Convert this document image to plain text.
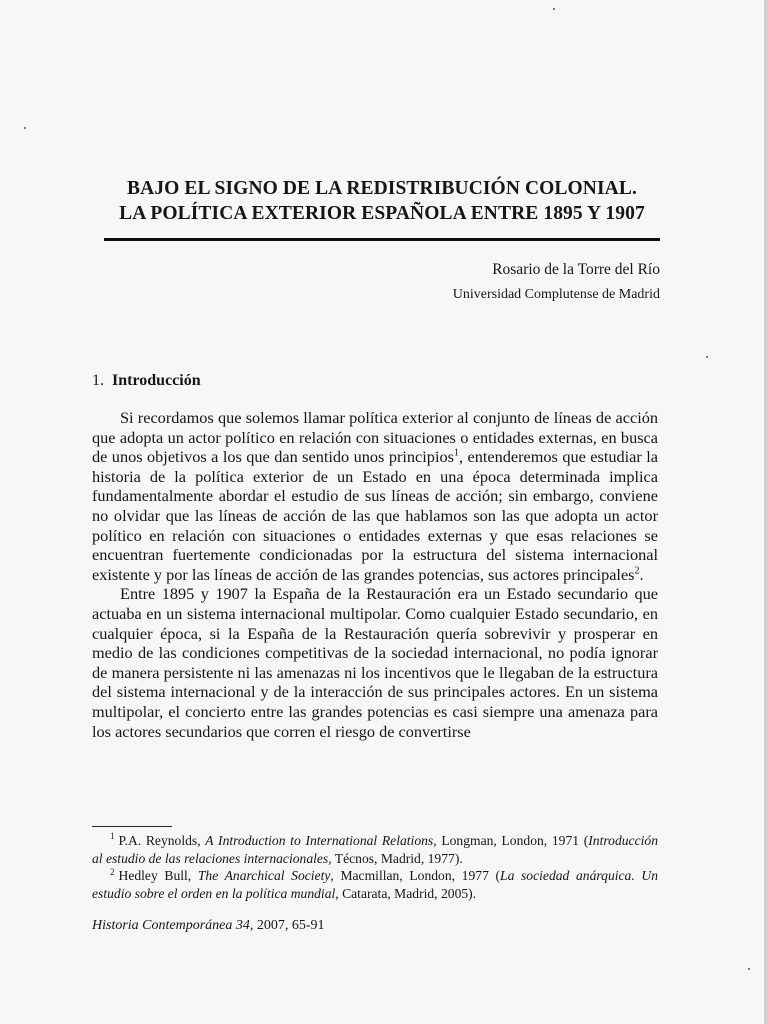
BAJO EL SIGNO DE LA REDISTRIBUCIÓN COLONIAL.
LA POLÍTICA EXTERIOR ESPAÑOLA ENTRE 1895 Y 1907

Rosario de la Torre del Río

Universidad Complutense de Madrid

1. Introducción

Si recordamos que solemos llamar política exterior al conjunto de líneas de acción que adopta un actor político en relación con situaciones o entidades externas, en busca de unos objetivos a los que dan sentido unos principios$^1$, entenderemos que estudiar la historia de la política exterior de un Estado en una época determinada implica fundamentalmente abordar el estudio de sus líneas de acción; sin embargo, conviene no olvidar que las líneas de acción de las que hablamos son las que adopta un actor político en relación con situaciones o entidades externas y que esas relaciones se encuentran fuertemente condicionadas por la estructura del sistema internacional existente y por las líneas de acción de las grandes potencias, sus actores principales$^2$.

Entre 1895 y 1907 la España de la Restauración era un Estado secundario que actuaba en un sistema internacional multipolar. Como cualquier Estado secundario, en cualquier época, si la España de la Restauración quería sobrevivir y prosperar en medio de las condiciones competitivas de la sociedad internacional, no podía ignorar de manera persistente ni las amenazas ni los incentivos que le llegaban de la estructura del sistema internacional y de la interacción de sus principales actores. En un sistema multipolar, el concierto entre las grandes potencias es casi siempre una amenaza para los actores secundarios que corren el riesgo de convertirse

$^1$ P.A. Reynolds, A Introduction to International Relations, Longman, London, 1971 (Introducción al estudio de las relaciones internacionales, Técnos, Madrid, 1977).

$^2$ Hedley Bull, The Anarchical Society, Macmillan, London, 1977 (La sociedad anárquica. Un estudio sobre el orden en la política mundial, Catarata, Madrid, 2005).

Historia Contemporánea 34, 2007, 65-91
